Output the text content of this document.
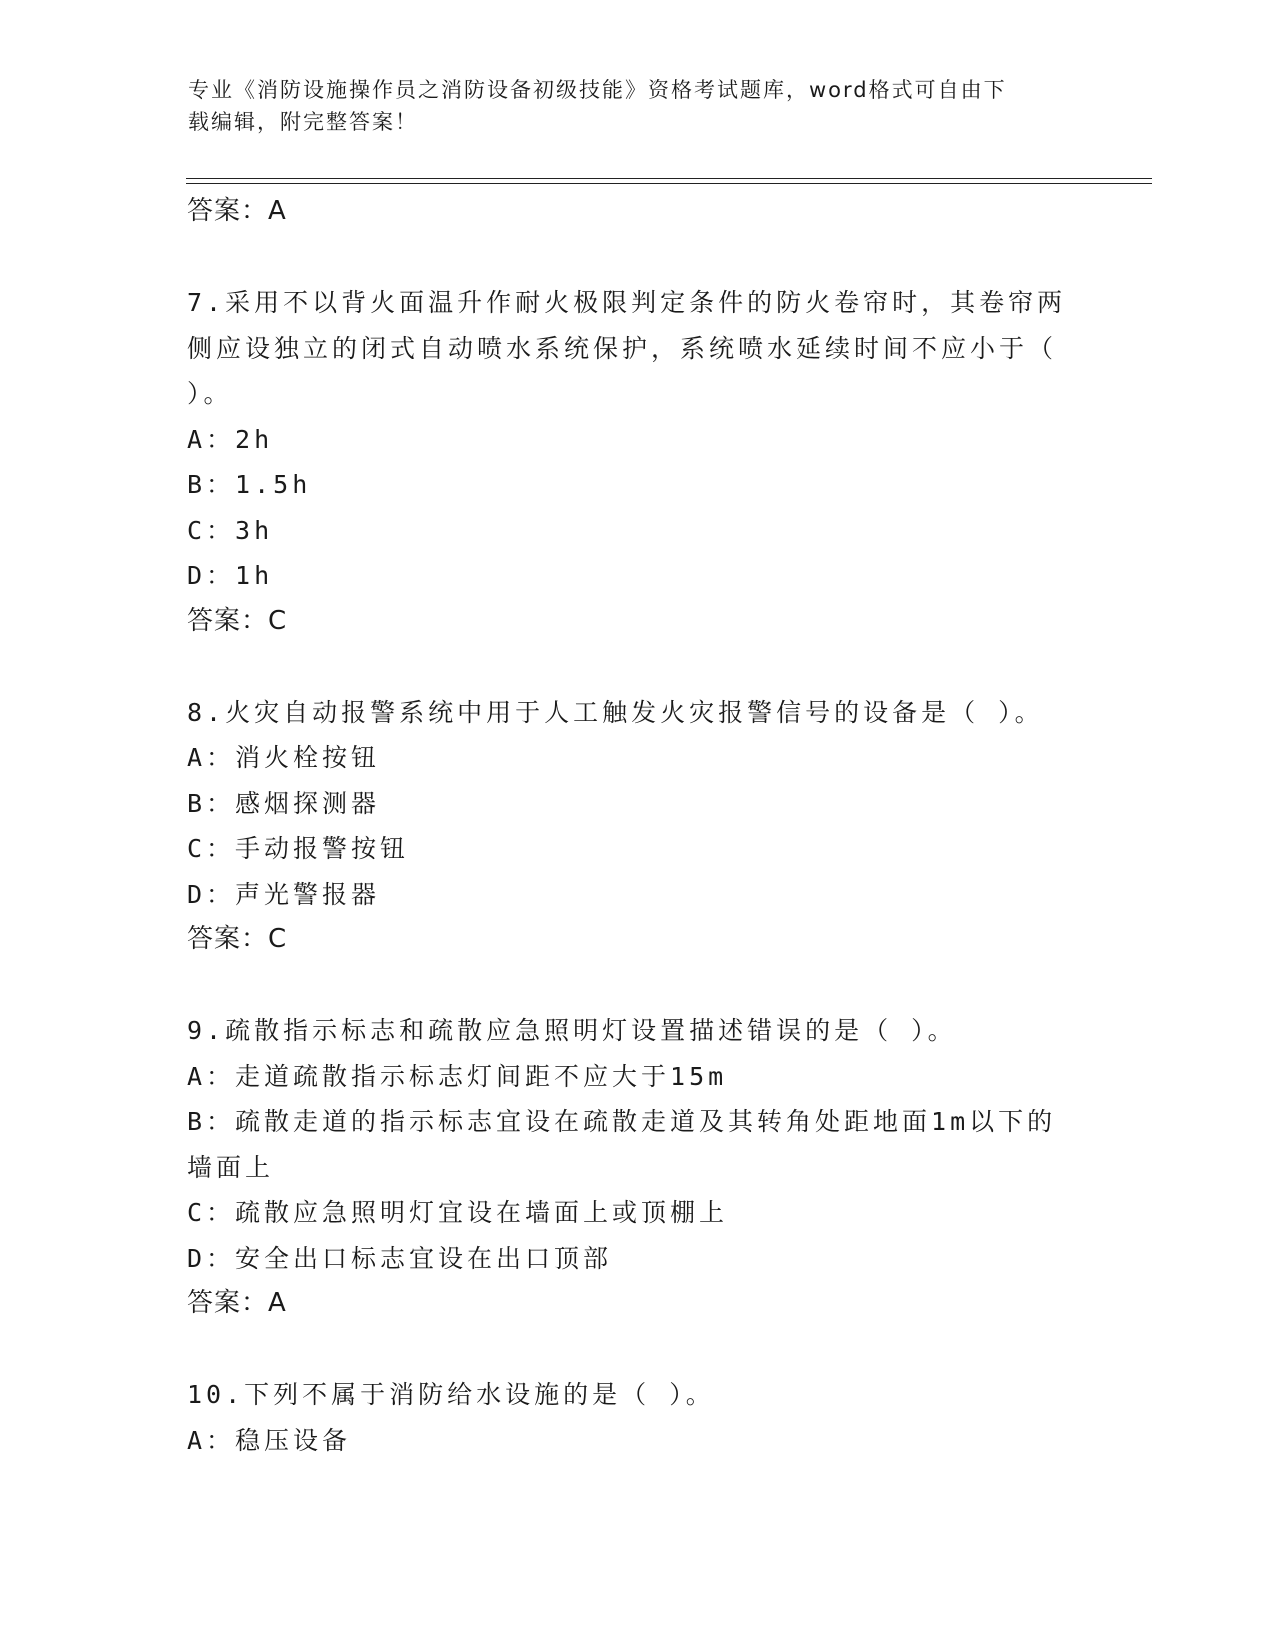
专业《消防设施操作员之消防设备初级技能》资格考试题库，word格式可自由下
载编辑，附完整答案！
答案：A
7.采用不以背火面温升作耐火极限判定条件的防火卷帘时，其卷帘两
侧应设独立的闭式自动喷水系统保护，系统喷水延续时间不应小于（
）。
A：2h
B：1.5h
C：3h
D：1h
答案：C
8.火灾自动报警系统中用于人工触发火灾报警信号的设备是（ ）。
A：消火栓按钮
B：感烟探测器
C：手动报警按钮
D：声光警报器
答案：C
9.疏散指示标志和疏散应急照明灯设置描述错误的是（ ）。
A：走道疏散指示标志灯间距不应大于15m
B：疏散走道的指示标志宜设在疏散走道及其转角处距地面1m以下的
墙面上
C：疏散应急照明灯宜设在墙面上或顶棚上
D：安全出口标志宜设在出口顶部
答案：A
10.下列不属于消防给水设施的是（ ）。
A：稳压设备
